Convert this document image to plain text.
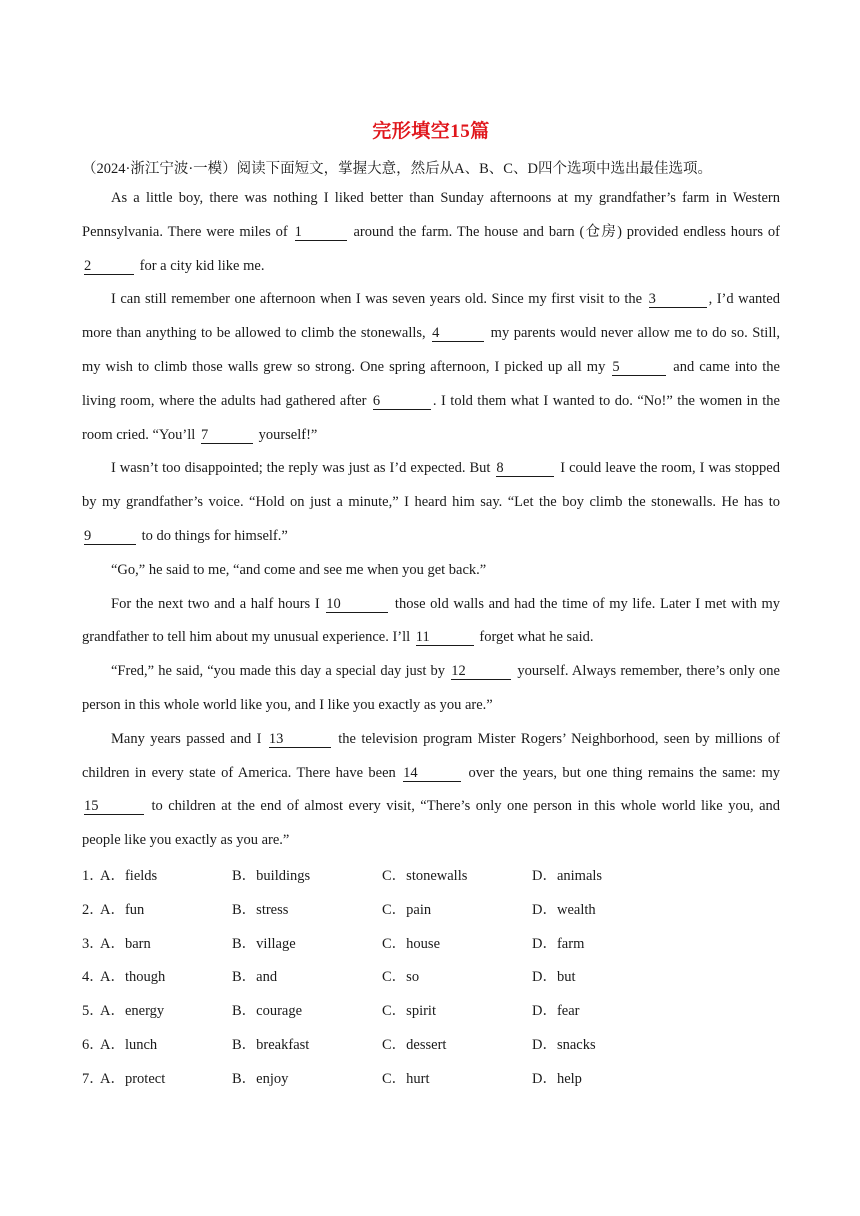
完形填空15篇
（2024·浙江宁波·一模）阅读下面短文，掌握大意，然后从A、B、C、D四个选项中选出最佳选项。

As a little boy, there was nothing I liked better than Sunday afternoons at my grandfather’s farm in Western Pennsylvania. There were miles of 1	around the farm. The house and barn (仓房) provided endless hours of 2	for a city kid like me.

I can still remember one afternoon when I was seven years old. Since my first visit to the 3	, I’d wanted more than anything to be allowed to climb the stonewalls, 4	my parents would never allow me to do so. Still, my wish to climb those walls grew so strong. One spring afternoon, I picked up all my 5	and came into the living room, where the adults had gathered after 6	. I told them what I wanted to do. “No!” the women in the room cried. “You’ll 7	yourself!”

I wasn’t too disappointed; the reply was just as I’d expected. But 8	I could leave the room, I was stopped by my grandfather’s voice. “Hold on just a minute,” I heard him say. “Let the boy climb the stonewalls. He has to 9	to do things for himself.”

“Go,” he said to me, “and come and see me when you get back.”

For the next two and a half hours I 10	those old walls and had the time of my life. Later I met with my grandfather to tell him about my unusual experience. I’ll 11	forget what he said.

“Fred,” he said, “you made this day a special day just by 12	yourself. Always remember, there’s only one person in this whole world like you, and I like you exactly as you are.”

Many years passed and I 13	the television program Mister Rogers’ Neighborhood, seen by millions of children in every state of America. There have been 14	over the years, but one thing remains the same: my 15	to children at the end of almost every visit, “There’s only one person in this whole world like you, and people like you exactly as you are.”

1．
A．fields	B．buildings	C．stonewalls	D．animals
2．
A．fun	B．stress	C．pain	D．wealth
3．
A．barn	B．village	C．house	D．farm
4．
A．though	B．and	C．so	D．but
5．
A．energy	B．courage	C．spirit	D．fear
6．
A．lunch	B．breakfast	C．dessert	D．snacks
7．
A．protect	B．enjoy	C．hurt	D．help
